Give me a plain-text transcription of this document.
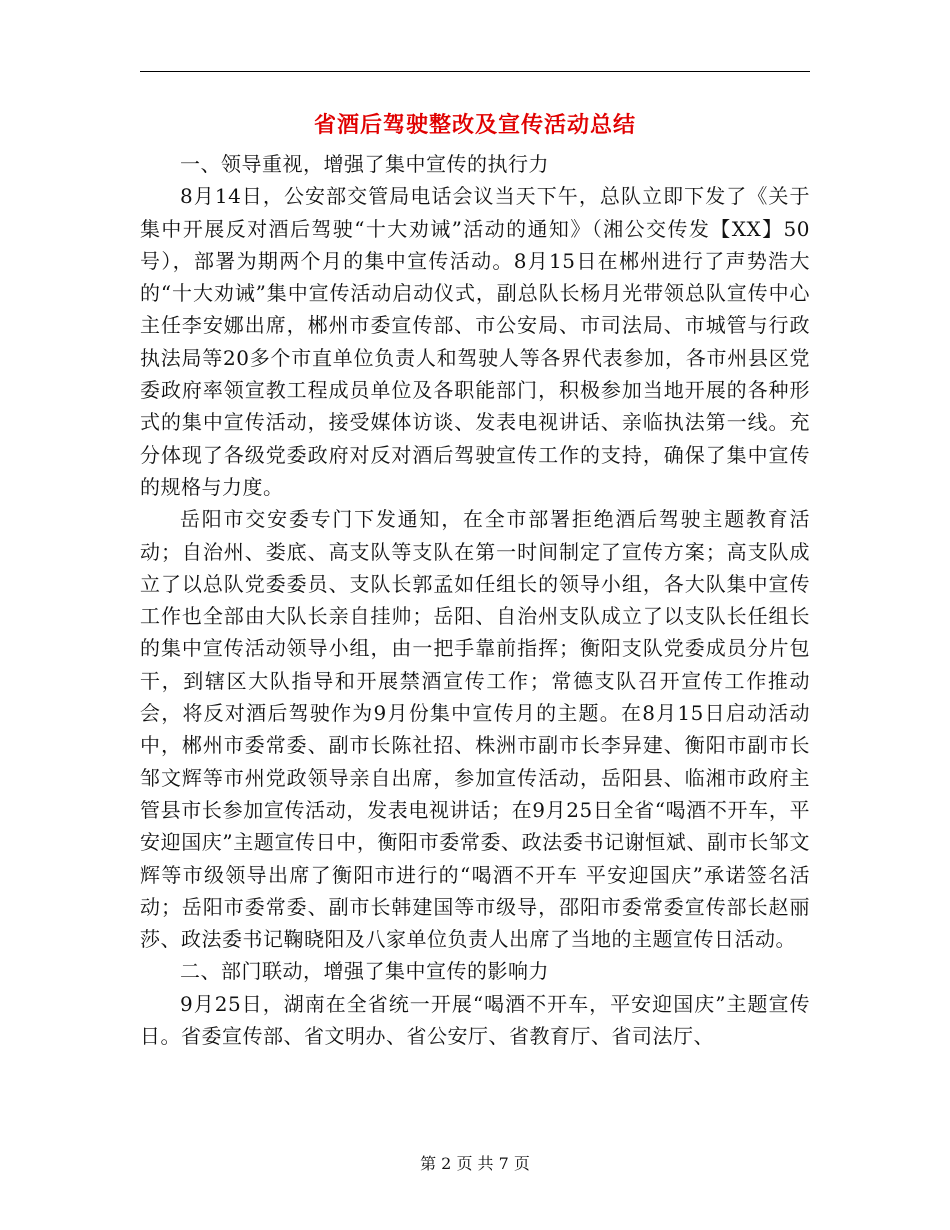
省酒后驾驶整改及宣传活动总结

一、领导重视，增强了集中宣传的执行力

8月14日，公安部交管局电话会议当天下午，总队立即下发了《关于集中开展反对酒后驾驶“十大劝诫”活动的通知》（湘公交传发【XX】50号），部署为期两个月的集中宣传活动。8月15日在郴州进行了声势浩大的“十大劝诫”集中宣传活动启动仪式，副总队长杨月光带领总队宣传中心主任李安娜出席，郴州市委宣传部、市公安局、市司法局、市城管与行政执法局等20多个市直单位负责人和驾驶人等各界代表参加，各市州县区党委政府率领宣教工程成员单位及各职能部门，积极参加当地开展的各种形式的集中宣传活动，接受媒体访谈、发表电视讲话、亲临执法第一线。充分体现了各级党委政府对反对酒后驾驶宣传工作的支持，确保了集中宣传的规格与力度。

岳阳市交安委专门下发通知，在全市部署拒绝酒后驾驶主题教育活动；自治州、娄底、高支队等支队在第一时间制定了宣传方案；高支队成立了以总队党委委员、支队长郭孟如任组长的领导小组，各大队集中宣传工作也全部由大队长亲自挂帅；岳阳、自治州支队成立了以支队长任组长的集中宣传活动领导小组，由一把手靠前指挥；衡阳支队党委成员分片包干，到辖区大队指导和开展禁酒宣传工作；常德支队召开宣传工作推动会，将反对酒后驾驶作为9月份集中宣传月的主题。在8月15日启动活动中，郴州市委常委、副市长陈社招、株洲市副市长李异建、衡阳市副市长邹文辉等市州党政领导亲自出席，参加宣传活动，岳阳县、临湘市政府主管县市长参加宣传活动，发表电视讲话；在9月25日全省“喝酒不开车，平安迎国庆”主题宣传日中，衡阳市委常委、政法委书记谢恒斌、副市长邹文辉等市级领导出席了衡阳市进行的“喝酒不开车 平安迎国庆”承诺签名活动；岳阳市委常委、副市长韩建国等市级导，邵阳市委常委宣传部长赵丽莎、政法委书记鞠晓阳及八家单位负责人出席了当地的主题宣传日活动。

二、部门联动，增强了集中宣传的影响力

9月25日，湖南在全省统一开展“喝酒不开车，平安迎国庆”主题宣传日。省委宣传部、省文明办、省公安厅、省教育厅、省司法厅、

第 2 页 共 7 页
